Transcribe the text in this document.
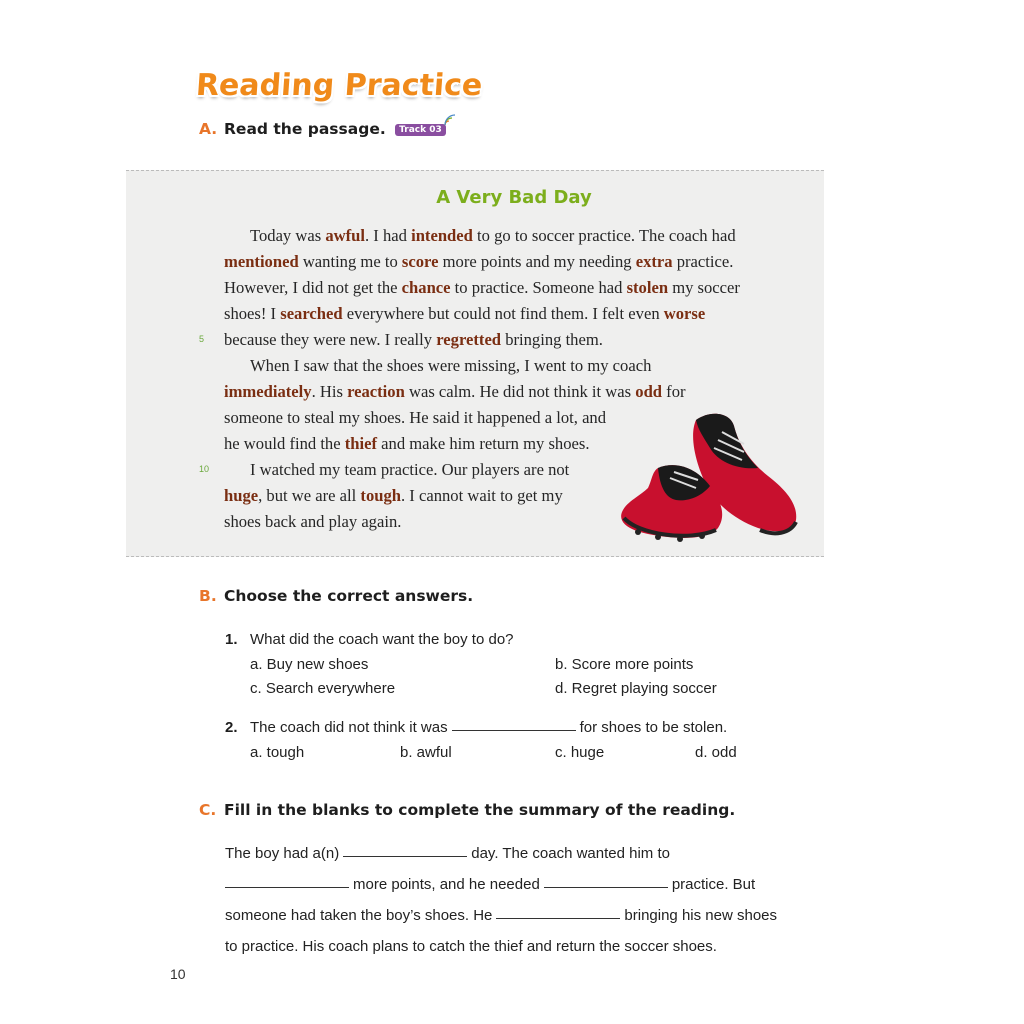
Reading Practice
A. Read the passage. Track 03
A Very Bad Day
Today was awful. I had intended to go to soccer practice. The coach had
mentioned wanting me to score more points and my needing extra practice.
However, I did not get the chance to practice. Someone had stolen my soccer
shoes! I searched everywhere but could not find them. I felt even worse
because they were new. I really regretted bringing them.
When I saw that the shoes were missing, I went to my coach
immediately. His reaction was calm. He did not think it was odd for
someone to steal my shoes. He said it happened a lot, and
he would find the thief and make him return my shoes.
I watched my team practice. Our players are not
huge, but we are all tough. I cannot wait to get my
shoes back and play again.
5
10
B. Choose the correct answers.
1. What did the coach want the boy to do?
a. Buy new shoes	b. Score more points
c. Search everywhere	d. Regret playing soccer
2. The coach did not think it was	for shoes to be stolen.
a. tough	b. awful	c. huge	d. odd
C. Fill in the blanks to complete the summary of the reading.
The boy had a(n)	day. The coach wanted him to
more points, and he needed	practice. But
someone had taken the boy’s shoes. He	bringing his new shoes
to practice. His coach plans to catch the thief and return the soccer shoes.
10
